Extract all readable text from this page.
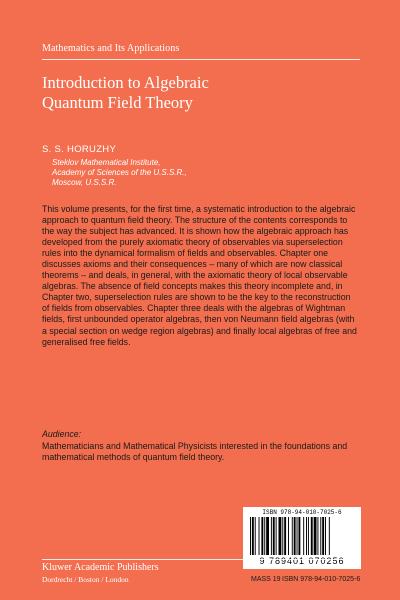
Mathematics and Its Applications
Introduction to Algebraic
Quantum Field Theory
S. S. HORUZHY
Steklov Mathematical Institute,
Academy of Sciences of the U.S.S.R.,
Moscow, U.S.S.R.

This volume presents, for the first time, a systematic introduction to the algebraic approach to quantum field theory. The structure of the contents corresponds to the way the subject has advanced. It is shown how the algebraic approach has developed from the purely axiomatic theory of observables via superselection rules into the dynamical formalism of fields and observables. Chapter one discusses axioms and their consequences – many of which are now classical theorems – and deals, in general, with the axiomatic theory of local observable algebras. The absence of field concepts makes this theory incomplete and, in Chapter two, superselection rules are shown to be the key to the reconstruction of fields from observables. Chapter three deals with the algebras of Wightman fields, first unbounded operator algebras, then von Neumann field algebras (with a special section on wedge region algebras) and finally local algebras of free and generalised free fields.

Audience:

Mathematicians and Mathematical Physicists interested in the foundations and mathematical methods of quantum field theory.

ISBN 978-94-010-7025-6
9 789401 070256
Kluwer Academic Publishers
Dordrecht / Boston / London	MASS 19 ISBN 978-94-010-7025-6
